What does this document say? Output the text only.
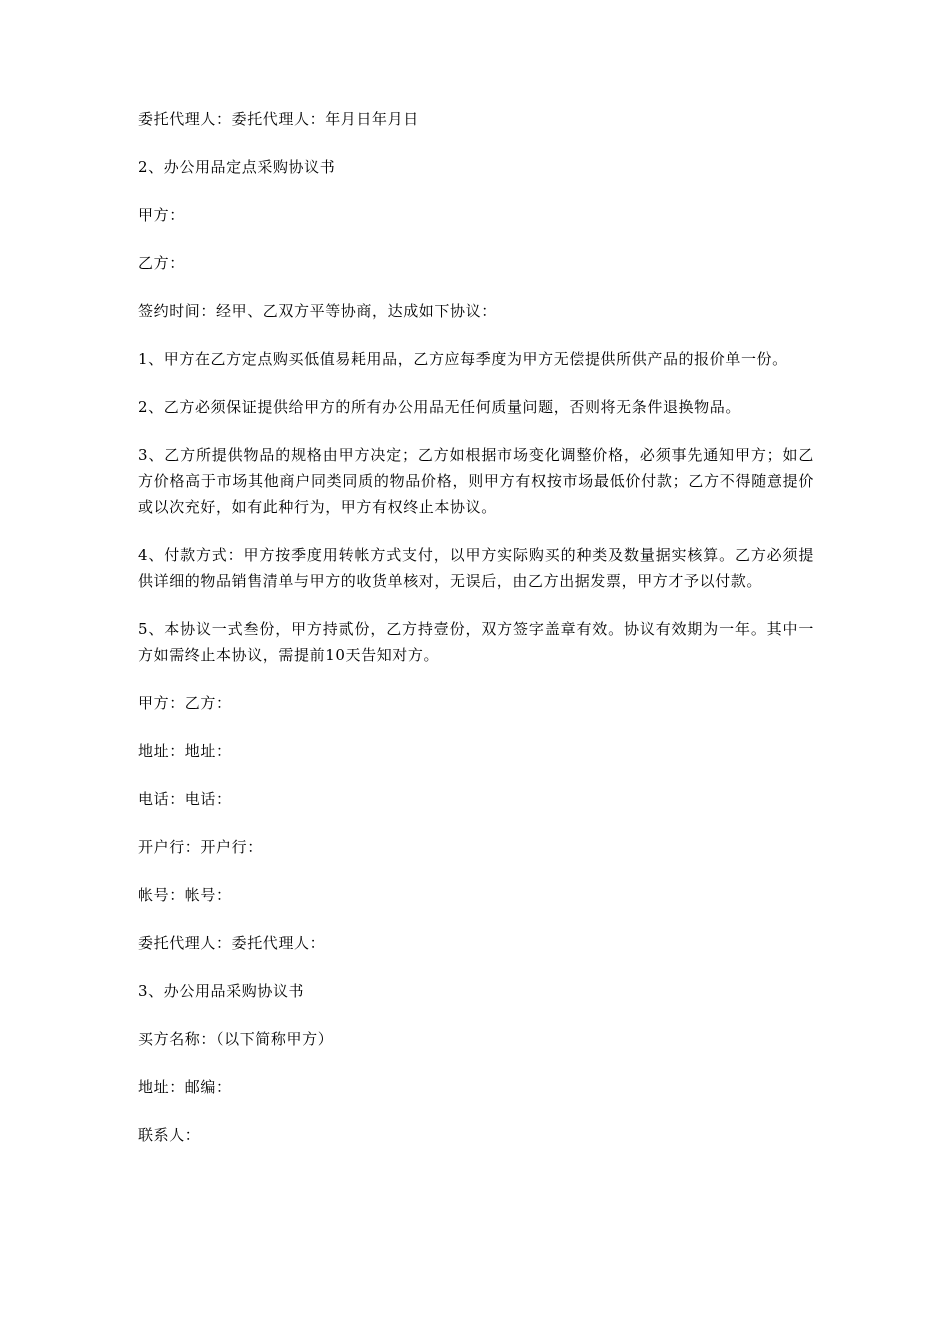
委托代理人：委托代理人：年月日年月日

2、办公用品定点采购协议书

甲方：

乙方：

签约时间：经甲、乙双方平等协商，达成如下协议：

1、甲方在乙方定点购买低值易耗用品，乙方应每季度为甲方无偿提供所供产品的报价单一份。

2、乙方必须保证提供给甲方的所有办公用品无任何质量问题，否则将无条件退换物品。

3、乙方所提供物品的规格由甲方决定；乙方如根据市场变化调整价格，必须事先通知甲方；如乙方价格高于市场其他商户同类同质的物品价格，则甲方有权按市场最低价付款；乙方不得随意提价或以次充好，如有此种行为，甲方有权终止本协议。

4、付款方式：甲方按季度用转帐方式支付，以甲方实际购买的种类及数量据实核算。乙方必须提供详细的物品销售清单与甲方的收货单核对，无误后，由乙方出据发票，甲方才予以付款。

5、本协议一式叁份，甲方持贰份，乙方持壹份，双方签字盖章有效。协议有效期为一年。其中一方如需终止本协议，需提前10天告知对方。

甲方：乙方：

地址：地址：

电话：电话：

开户行：开户行：

帐号：帐号：

委托代理人：委托代理人：

3、办公用品采购协议书

买方名称：（以下简称甲方）

地址：邮编：

联系人：
